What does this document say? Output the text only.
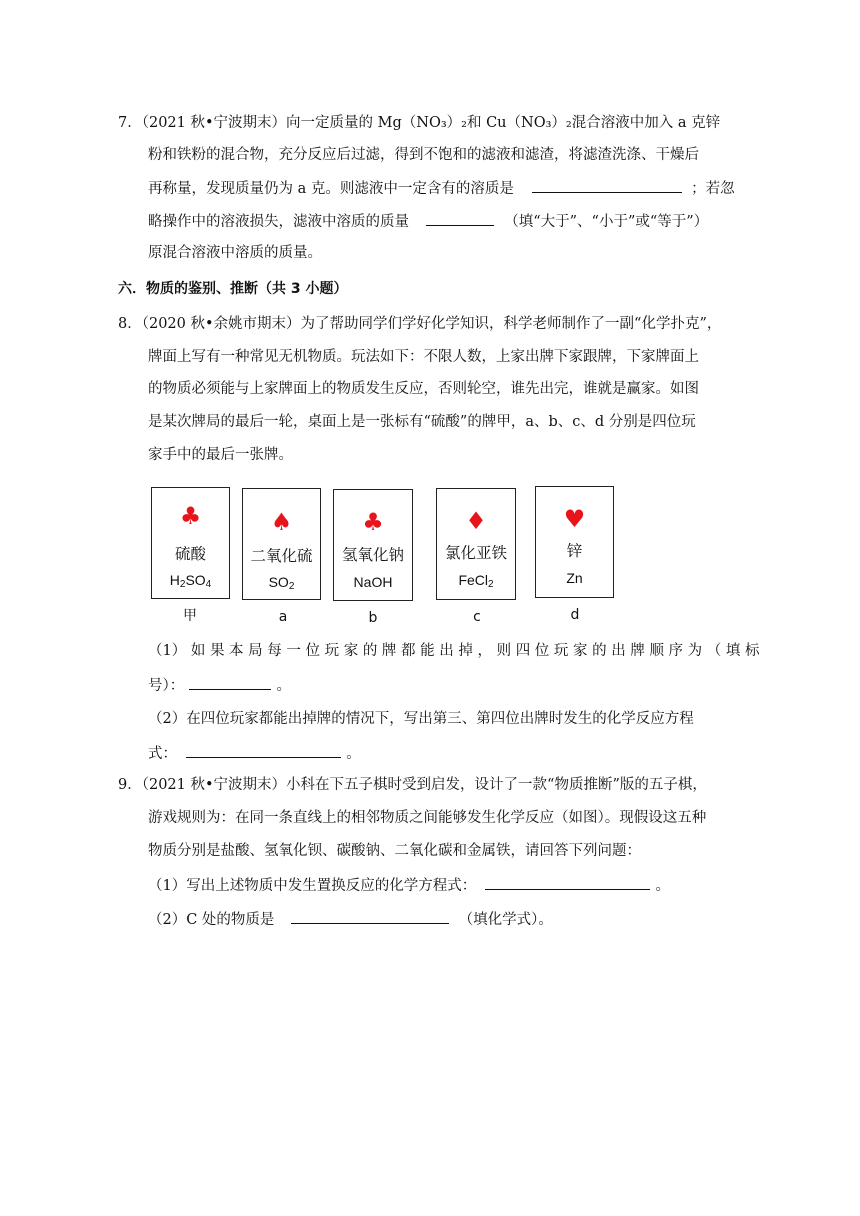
7．（2021 秋•宁波期末）向一定质量的 Mg（NO₃）₂和 Cu（NO₃）₂混合溶液中加入 a 克锌
粉和铁粉的混合物，充分反应后过滤，得到不饱和的滤液和滤渣，将滤渣洗涤、干燥后
再称量，发现质量仍为 a 克。则滤液中一定含有的溶质是	；若忽
略操作中的溶液损失，滤液中溶质的质量	（填“大于”、“小于”或“等于”）
原混合溶液中溶质的质量。
六．物质的鉴别、推断（共 3 小题）
8．（2020 秋•余姚市期末）为了帮助同学们学好化学知识，科学老师制作了一副“化学扑克”，
牌面上写有一种常见无机物质。玩法如下：不限人数，上家出牌下家跟牌，下家牌面上
的物质必须能与上家牌面上的物质发生反应，否则轮空，谁先出完，谁就是赢家。如图
是某次牌局的最后一轮，桌面上是一张标有“硫酸”的牌甲，a、b、c、d 分别是四位玩
家手中的最后一张牌。
♣
硫酸
$H_2SO_4$
甲
♠
二氧化硫
$SO_2$
a
♣
氢氧化钠
NaOH
b
♦
氯化亚铁
FeCl$_2$
c
♥
锌
Zn
d
（1） 如 果 本 局 每 一 位 玩 家 的 牌 都 能 出 掉 ， 则 四 位 玩 家 的 出 牌 顺 序 为 （ 填 标
号）：	。
（2）在四位玩家都能出掉牌的情况下，写出第三、第四位出牌时发生的化学反应方程
式：	。
9．（2021 秋•宁波期末）小科在下五子棋时受到启发，设计了一款“物质推断”版的五子棋，
游戏规则为：在同一条直线上的相邻物质之间能够发生化学反应（如图）。现假设这五种
物质分别是盐酸、氢氧化钡、碳酸钠、二氧化碳和金属铁，请回答下列问题：
（1）写出上述物质中发生置换反应的化学方程式：	。
（2）C 处的物质是	（填化学式）。
